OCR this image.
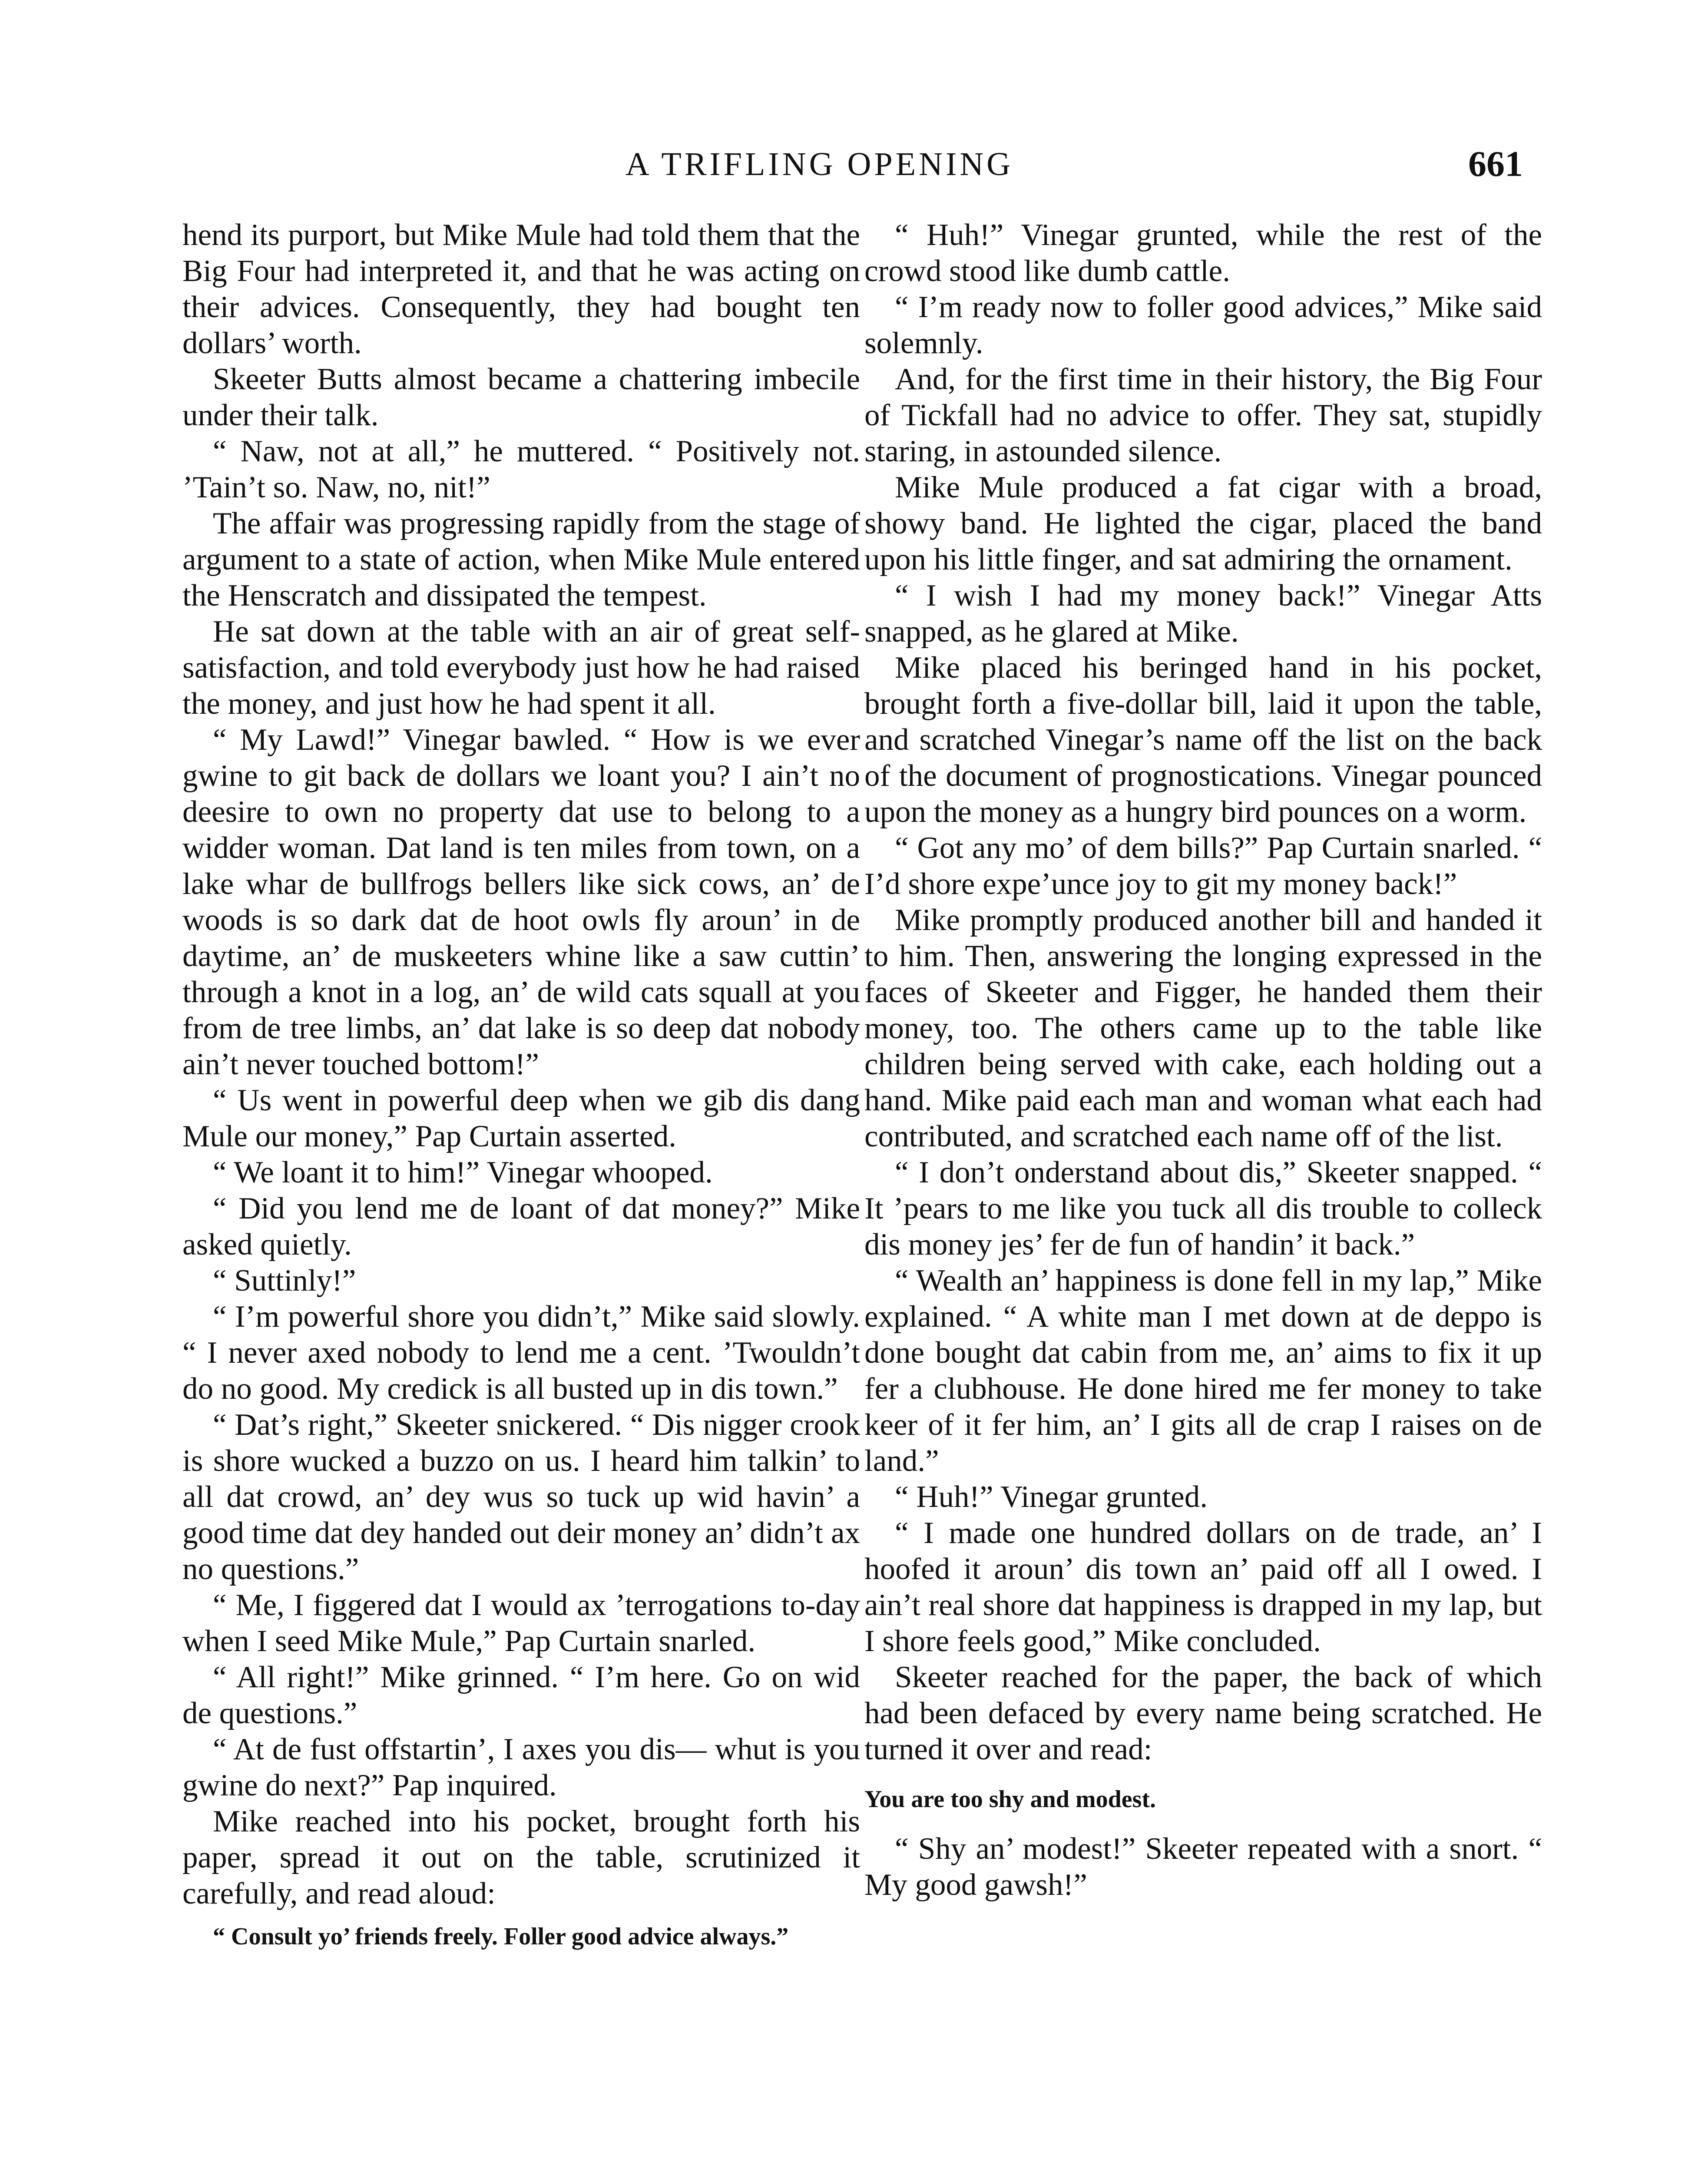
A TRIFLING OPENING	661

hend its purport, but Mike Mule had told them that the Big Four had interpreted it, and that he was acting on their advices. Consequently, they had bought ten dollars’ worth.

Skeeter Butts almost became a chattering imbecile under their talk.

“ Naw, not at all,” he muttered. “ Positively not. ’Tain’t so. Naw, no, nit!”

The affair was progressing rapidly from the stage of argument to a state of action, when Mike Mule entered the Henscratch and dissipated the tempest.

He sat down at the table with an air of great self-satisfaction, and told everybody just how he had raised the money, and just how he had spent it all.

“ My Lawd!” Vinegar bawled. “ How is we ever gwine to git back de dollars we loant you? I ain’t no deesire to own no property dat use to belong to a widder woman. Dat land is ten miles from town, on a lake whar de bullfrogs bellers like sick cows, an’ de woods is so dark dat de hoot owls fly aroun’ in de daytime, an’ de muskeeters whine like a saw cuttin’ through a knot in a log, an’ de wild cats squall at you from de tree limbs, an’ dat lake is so deep dat nobody ain’t never touched bottom!”

“ Us went in powerful deep when we gib dis dang Mule our money,” Pap Curtain asserted.

“ We loant it to him!” Vinegar whooped.

“ Did you lend me de loant of dat money?” Mike asked quietly.

“ Suttinly!”

“ I’m powerful shore you didn’t,” Mike said slowly. “ I never axed nobody to lend me a cent. ’Twouldn’t do no good. My credick is all busted up in dis town.”

“ Dat’s right,” Skeeter snickered. “ Dis nigger crook is shore wucked a buzzo on us. I heard him talkin’ to all dat crowd, an’ dey wus so tuck up wid havin’ a good time dat dey handed out deir money an’ didn’t ax no questions.”

“ Me, I figgered dat I would ax ’terrogations to-day when I seed Mike Mule,” Pap Curtain snarled.

“ All right!” Mike grinned. “ I’m here. Go on wid de questions.”

“ At de fust offstartin’, I axes you dis— whut is you gwine do next?” Pap inquired.

Mike reached into his pocket, brought forth his paper, spread it out on the table, scrutinized it carefully, and read aloud:

“ Consult yo’ friends freely. Foller good advice always.”

“ Huh!” Vinegar grunted, while the rest of the crowd stood like dumb cattle.

“ I’m ready now to foller good advices,” Mike said solemnly.

And, for the first time in their history, the Big Four of Tickfall had no advice to offer. They sat, stupidly staring, in astounded silence.

Mike Mule produced a fat cigar with a broad, showy band. He lighted the cigar, placed the band upon his little finger, and sat admiring the ornament.

“ I wish I had my money back!” Vinegar Atts snapped, as he glared at Mike.

Mike placed his beringed hand in his pocket, brought forth a five-dollar bill, laid it upon the table, and scratched Vinegar’s name off the list on the back of the document of prognostications. Vinegar pounced upon the money as a hungry bird pounces on a worm.

“ Got any mo’ of dem bills?” Pap Curtain snarled. “ I’d shore expe’unce joy to git my money back!”

Mike promptly produced another bill and handed it to him. Then, answering the longing expressed in the faces of Skeeter and Figger, he handed them their money, too. The others came up to the table like children being served with cake, each holding out a hand. Mike paid each man and woman what each had contributed, and scratched each name off of the list.

“ I don’t onderstand about dis,” Skeeter snapped. “ It ’pears to me like you tuck all dis trouble to colleck dis money jes’ fer de fun of handin’ it back.”

“ Wealth an’ happiness is done fell in my lap,” Mike explained. “ A white man I met down at de deppo is done bought dat cabin from me, an’ aims to fix it up fer a clubhouse. He done hired me fer money to take keer of it fer him, an’ I gits all de crap I raises on de land.”

“ Huh!” Vinegar grunted.

“ I made one hundred dollars on de trade, an’ I hoofed it aroun’ dis town an’ paid off all I owed. I ain’t real shore dat happiness is drapped in my lap, but I shore feels good,” Mike concluded.

Skeeter reached for the paper, the back of which had been defaced by every name being scratched. He turned it over and read:

You are too shy and modest.

“ Shy an’ modest!” Skeeter repeated with a snort. “ My good gawsh!”
